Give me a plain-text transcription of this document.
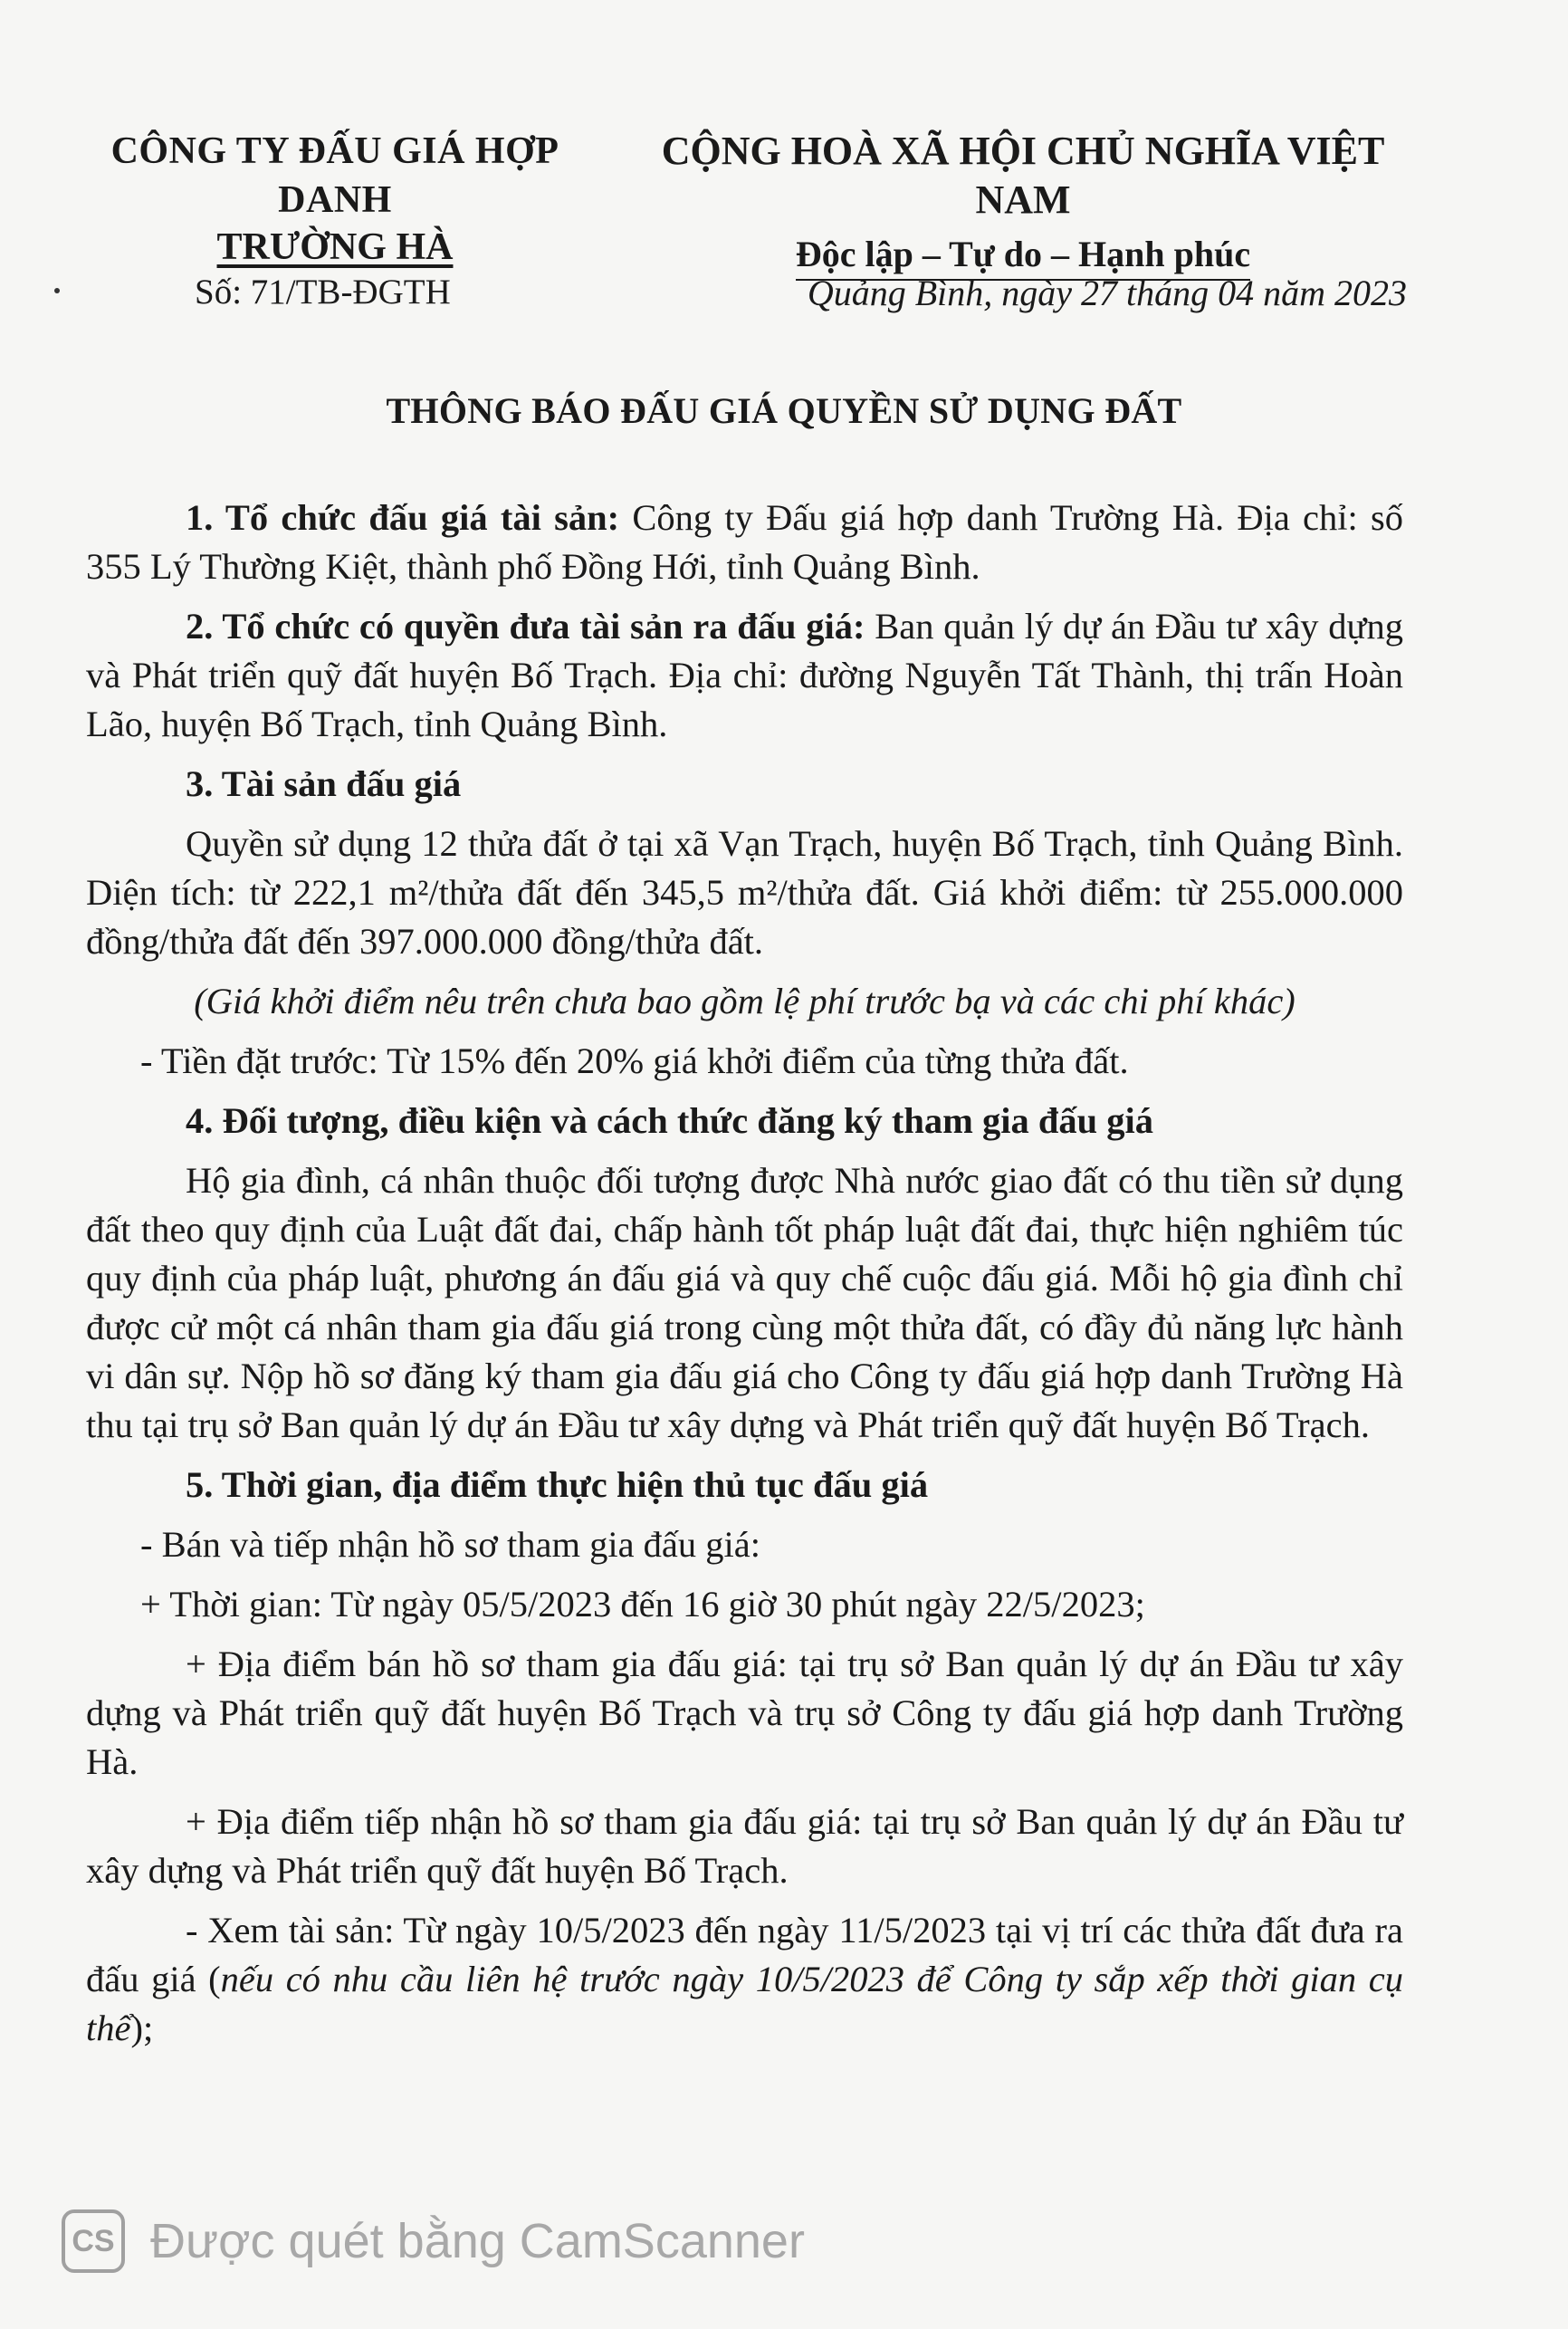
CÔNG TY ĐẤU GIÁ HỢP DANH
TRƯỜNG HÀ
CỘNG HOÀ XÃ HỘI CHỦ NGHĨA VIỆT NAM
Độc lập – Tự do – Hạnh phúc
Số: 71/TB-ĐGTH	Quảng Bình, ngày 27 tháng 04 năm 2023
THÔNG BÁO ĐẤU GIÁ QUYỀN SỬ DỤNG ĐẤT

1. Tổ chức đấu giá tài sản: Công ty Đấu giá hợp danh Trường Hà. Địa chỉ: số 355 Lý Thường Kiệt, thành phố Đồng Hới, tỉnh Quảng Bình.

2. Tổ chức có quyền đưa tài sản ra đấu giá: Ban quản lý dự án Đầu tư xây dựng và Phát triển quỹ đất huyện Bố Trạch. Địa chỉ: đường Nguyễn Tất Thành, thị trấn Hoàn Lão, huyện Bố Trạch, tỉnh Quảng Bình.

3. Tài sản đấu giá

Quyền sử dụng 12 thửa đất ở tại xã Vạn Trạch, huyện Bố Trạch, tỉnh Quảng Bình. Diện tích: từ 222,1 m²/thửa đất đến 345,5 m²/thửa đất. Giá khởi điểm: từ 255.000.000 đồng/thửa đất đến 397.000.000 đồng/thửa đất.

(Giá khởi điểm nêu trên chưa bao gồm lệ phí trước bạ và các chi phí khác)

- Tiền đặt trước: Từ 15% đến 20% giá khởi điểm của từng thửa đất.

4. Đối tượng, điều kiện và cách thức đăng ký tham gia đấu giá

Hộ gia đình, cá nhân thuộc đối tượng được Nhà nước giao đất có thu tiền sử dụng đất theo quy định của Luật đất đai, chấp hành tốt pháp luật đất đai, thực hiện nghiêm túc quy định của pháp luật, phương án đấu giá và quy chế cuộc đấu giá. Mỗi hộ gia đình chỉ được cử một cá nhân tham gia đấu giá trong cùng một thửa đất, có đầy đủ năng lực hành vi dân sự. Nộp hồ sơ đăng ký tham gia đấu giá cho Công ty đấu giá hợp danh Trường Hà thu tại trụ sở Ban quản lý dự án Đầu tư xây dựng và Phát triển quỹ đất huyện Bố Trạch.

5. Thời gian, địa điểm thực hiện thủ tục đấu giá

- Bán và tiếp nhận hồ sơ tham gia đấu giá:

+ Thời gian: Từ ngày 05/5/2023 đến 16 giờ 30 phút ngày 22/5/2023;

+ Địa điểm bán hồ sơ tham gia đấu giá: tại trụ sở Ban quản lý dự án Đầu tư xây dựng và Phát triển quỹ đất huyện Bố Trạch và trụ sở Công ty đấu giá hợp danh Trường Hà.

+ Địa điểm tiếp nhận hồ sơ tham gia đấu giá: tại trụ sở Ban quản lý dự án Đầu tư xây dựng và Phát triển quỹ đất huyện Bố Trạch.

- Xem tài sản: Từ ngày 10/5/2023 đến ngày 11/5/2023 tại vị trí các thửa đất đưa ra đấu giá (nếu có nhu cầu liên hệ trước ngày 10/5/2023 để Công ty sắp xếp thời gian cụ thể);

CS Được quét bằng CamScanner
